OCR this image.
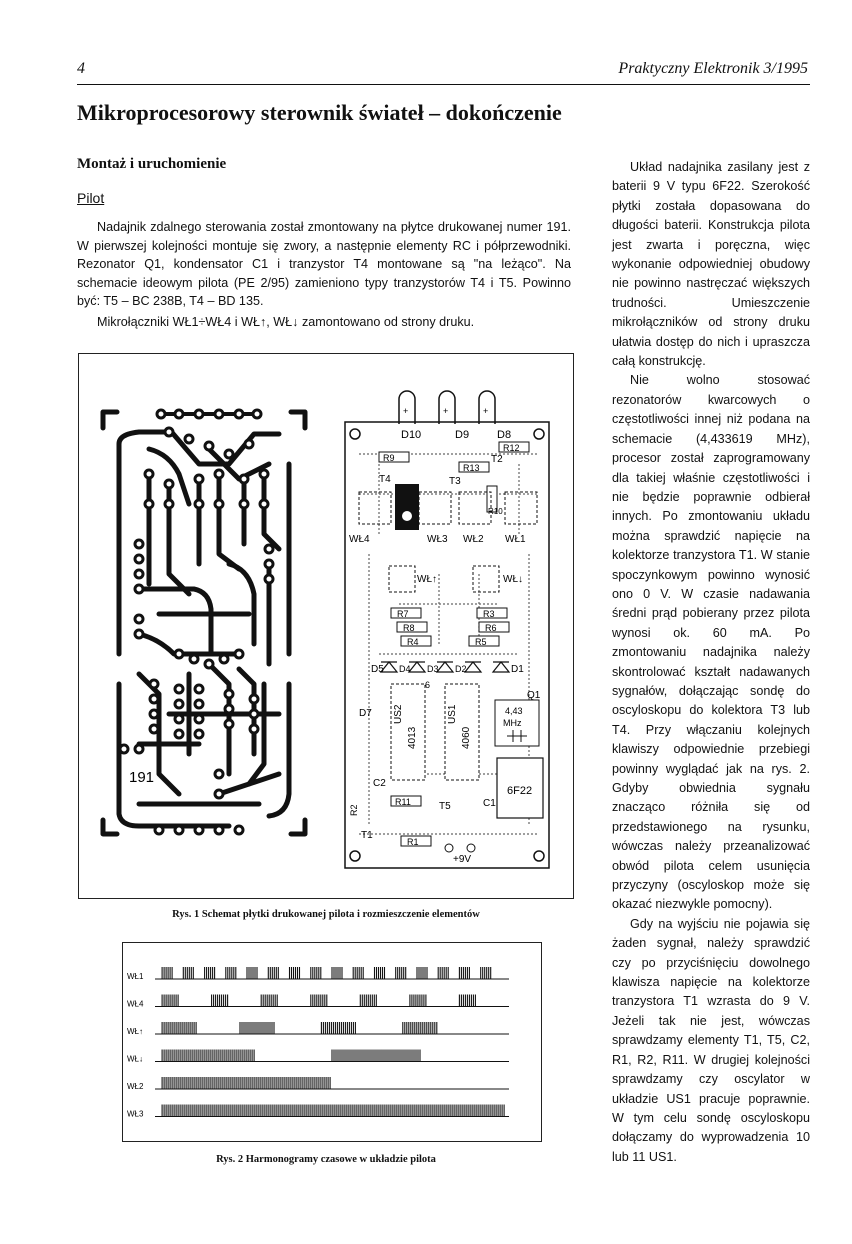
4	Praktyczny Elektronik 3/1995
Mikroprocesorowy sterownik świateł – dokończenie
Montaż i uruchomienie
Pilot

Nadajnik zdalnego sterowania został zmontowany na płytce drukowanej numer 191. W pierwszej kolejności montuje się zwory, a następnie elementy RC i półprzewodniki. Rezonator Q1, kondensator C1 i tranzystor T4 montowane są "na leżąco". Na schemacie ideowym pilota (PE 2/95) zamieniono typy tranzystorów T4 i T5. Powinno być: T5 – BC 238B, T4 – BD 135.

Mikrołączniki WŁ1÷WŁ4 i WŁ↑, WŁ↓ zamontowano od strony druku.

Układ nadajnika zasilany jest z baterii 9 V typu 6F22. Szerokość płytki została dopasowana do długości baterii. Konstrukcja pilota jest zwarta i poręczna, więc wykonanie odpowiedniej obudowy nie powinno nastręczać większych trudności. Umieszczenie mikrołączników od strony druku ułatwia dostęp do nich i upraszcza całą konstrukcję.

Nie wolno stosować rezonatorów kwarcowych o częstotliwości innej niż podana na schemacie (4,433619 MHz), procesor został zaprogramowany dla takiej właśnie częstotliwości i nie będzie poprawnie odbierał innych. Po zmontowaniu układu można sprawdzić napięcie na kolektorze tranzystora T1. W stanie spoczynkowym powinno wynosić ono 0 V. W czasie nadawania średni prąd pobierany przez pilota wynosi ok. 60 mA. Po zmontowaniu nadajnika należy skontrolować kształt nadawanych sygnałów, dołączając sondę do oscyloskopu do kolektora T3 lub T4. Przy włączaniu kolejnych klawiszy odpowiednie przebiegi powinny wyglądać jak na rys. 2. Gdyby obwiednia sygnału znacząco różniła się od przedstawionego na rysunku, wówczas należy przeanalizować obwód pilota celem usunięcia przyczyny (oscyloskop może się okazać niezwykle pomocny).

Gdy na wyjściu nie pojawia się żaden sygnał, należy sprawdzić czy po przyciśnięciu dowolnego klawisza napięcie na kolektorze tranzystora T1 wzrasta do 9 V. Jeżeli tak nie jest, wówczas sprawdzamy elementy T1, T5, C2, R1, R2, R11. W drugiej kolejności sprawdzamy czy oscylator w układzie US1 pracuje poprawnie. W tym celu sondę oscyloskopu dołączamy do wyprowadzenia 10 lub 11 US1.

191
+	+	+
D10	D9	D8
R9
R12
R13
R10
T4
T2
T3
WŁ4	WŁ3 WŁ2 WŁ1
WŁ↑	WŁ↓
R7	R3
R8	R6
R4	R5
D5 D4 D3 D2	D1
6
D7 US2
4013
US1
4060
Q1
4,43
MHz
6F22
C2
R11	C1
T5
R1
R2
T1
+9V
Rys. 1 Schemat płytki drukowanej pilota i rozmieszczenie elementów
WŁ1
WŁ4
WŁ↑
WŁ↓
WŁ2
WŁ3
Rys. 2 Harmonogramy czasowe w układzie pilota
